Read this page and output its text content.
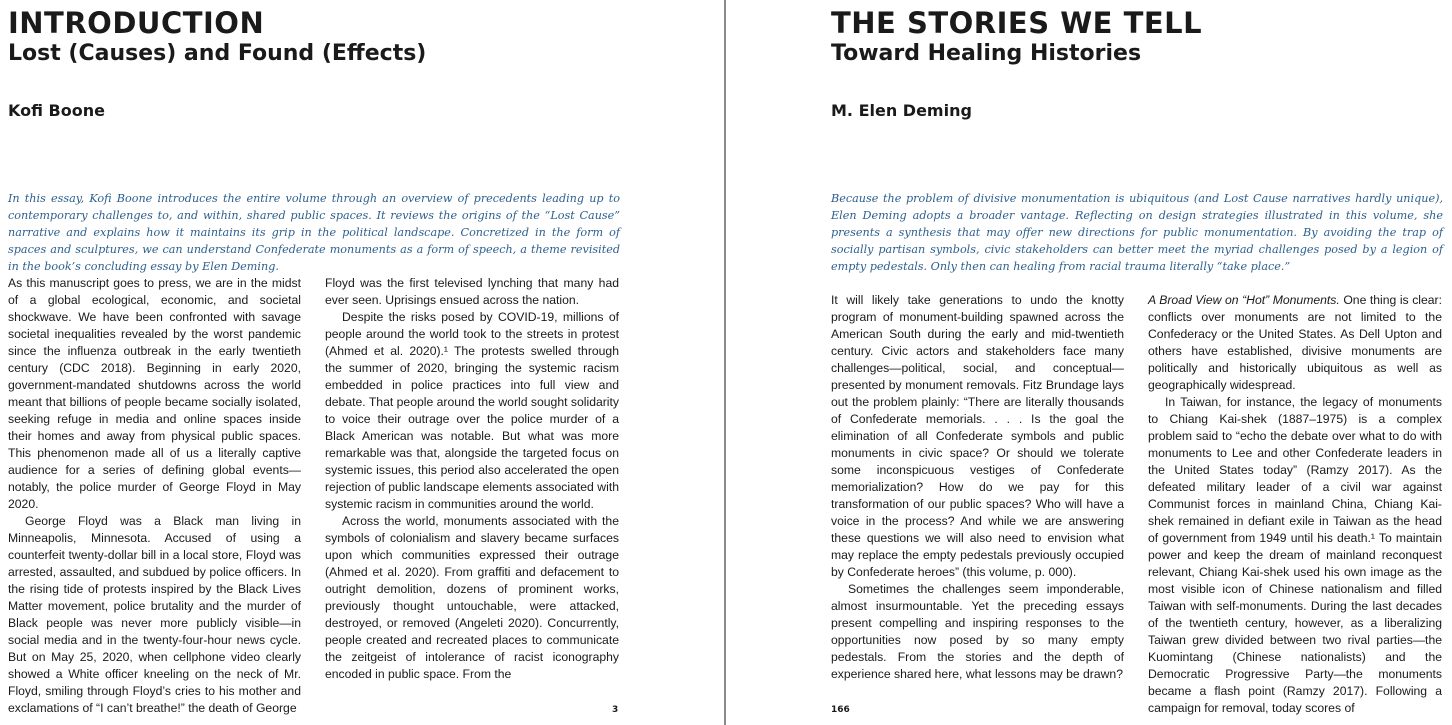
INTRODUCTION
Lost (Causes) and Found (Effects)
Kofi Boone

In this essay, Kofi Boone introduces the entire volume through an overview of precedents leading up to contemporary challenges to, and within, shared public spaces. It reviews the origins of the “Lost Cause” narrative and explains how it maintains its grip in the political landscape. Concretized in the form of spaces and sculptures, we can understand Confederate monuments as a form of speech, a theme revisited in the book’s concluding essay by Elen Deming.

As this manuscript goes to press, we are in the midst of a global ecological, economic, and societal shockwave. We have been confronted with savage societal inequalities revealed by the worst pandemic since the influenza outbreak in the early twentieth century (CDC 2018). Beginning in early 2020, government-mandated shutdowns across the world meant that billions of people became socially isolated, seeking refuge in media and online spaces inside their homes and away from physical public spaces. This phenomenon made all of us a literally captive audience for a series of defining global events—notably, the police murder of George Floyd in May 2020.

George Floyd was a Black man living in Minneapolis, Minnesota. Accused of using a counterfeit twenty-dollar bill in a local store, Floyd was arrested, assaulted, and subdued by police officers. In the rising tide of protests inspired by the Black Lives Matter movement, police brutality and the murder of Black people was never more publicly visible—in social media and in the twenty-four-hour news cycle. But on May 25, 2020, when cellphone video clearly showed a White officer kneeling on the neck of Mr. Floyd, smiling through Floyd’s cries to his mother and exclamations of “I can’t breathe!” the death of George

Floyd was the first televised lynching that many had ever seen. Uprisings ensued across the nation.

Despite the risks posed by COVID-19, millions of people around the world took to the streets in protest (Ahmed et al. 2020).¹ The protests swelled through the summer of 2020, bringing the systemic racism embedded in police practices into full view and debate. That people around the world sought solidarity to voice their outrage over the police murder of a Black American was notable. But what was more remarkable was that, alongside the targeted focus on systemic issues, this period also accelerated the open rejection of public landscape elements associated with systemic racism in communities around the world.

Across the world, monuments associated with the symbols of colonialism and slavery became surfaces upon which communities expressed their outrage (Ahmed et al. 2020). From graffiti and defacement to outright demolition, dozens of prominent works, previously thought untouchable, were attacked, destroyed, or removed (Angeleti 2020). Concurrently, people created and recreated places to communicate the zeitgeist of intolerance of racist iconography encoded in public space. From the

3
THE STORIES WE TELL
Toward Healing Histories
M. Elen Deming

Because the problem of divisive monumentation is ubiquitous (and Lost Cause narratives hardly unique), Elen Deming adopts a broader vantage. Reflecting on design strategies illustrated in this volume, she presents a synthesis that may offer new directions for public monumentation. By avoiding the trap of socially partisan symbols, civic stakeholders can better meet the myriad challenges posed by a legion of empty pedestals. Only then can healing from racial trauma literally “take place.”

It will likely take generations to undo the knotty program of monument-building spawned across the American South during the early and mid-twentieth century. Civic actors and stakeholders face many challenges—political, social, and conceptual—presented by monument removals. Fitz Brundage lays out the problem plainly: “There are literally thousands of Confederate memorials. . . . Is the goal the elimination of all Confederate symbols and public monuments in civic space? Or should we tolerate some inconspicuous vestiges of Confederate memorialization? How do we pay for this transformation of our public spaces? Who will have a voice in the process? And while we are answering these questions we will also need to envision what may replace the empty pedestals previously occupied by Confederate heroes” (this volume, p. 000).

Sometimes the challenges seem imponderable, almost insurmountable. Yet the preceding essays present compelling and inspiring responses to the opportunities now posed by so many empty pedestals. From the stories and the depth of experience shared here, what lessons may be drawn?

A Broad View on “Hot” Monuments. One thing is clear: conflicts over monuments are not limited to the Confederacy or the United States. As Dell Upton and others have established, divisive monuments are politically and historically ubiquitous as well as geographically widespread.

In Taiwan, for instance, the legacy of monuments to Chiang Kai-shek (1887–1975) is a complex problem said to “echo the debate over what to do with monuments to Lee and other Confederate leaders in the United States today” (Ramzy 2017). As the defeated military leader of a civil war against Communist forces in mainland China, Chiang Kai-shek remained in defiant exile in Taiwan as the head of government from 1949 until his death.¹ To maintain power and keep the dream of mainland reconquest relevant, Chiang Kai-shek used his own image as the most visible icon of Chinese nationalism and filled Taiwan with self-monuments. During the last decades of the twentieth century, however, as a liberalizing Taiwan grew divided between two rival parties—the Kuomintang (Chinese nationalists) and the Democratic Progressive Party—the monuments became a flash point (Ramzy 2017). Following a campaign for removal, today scores of

166
